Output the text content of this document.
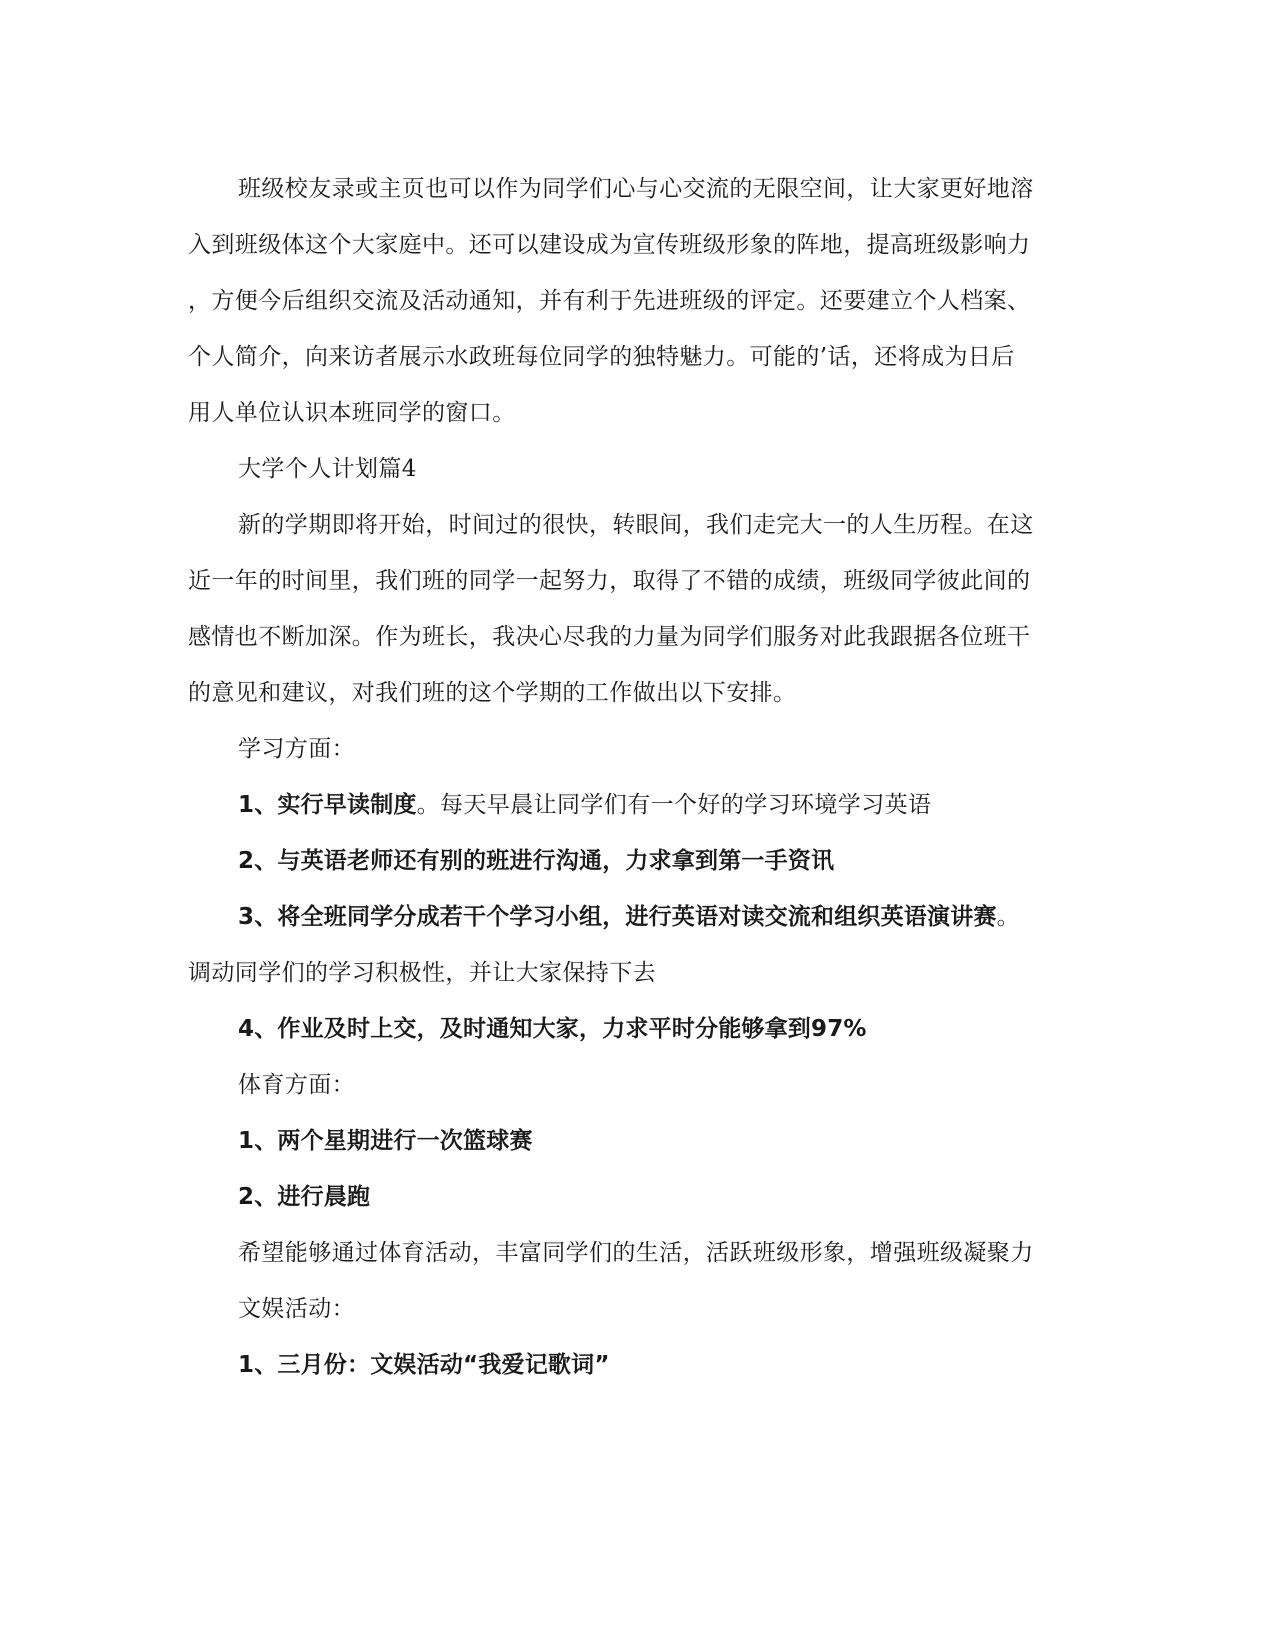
班级校友录或主页也可以作为同学们心与心交流的无限空间，让大家更好地溶
入到班级体这个大家庭中。还可以建设成为宣传班级形象的阵地，提高班级影响力
，方便今后组织交流及活动通知，并有利于先进班级的评定。还要建立个人档案、
个人简介，向来访者展示水政班每位同学的独特魅力。可能的’话，还将成为日后
用人单位认识本班同学的窗口。
大学个人计划篇4
新的学期即将开始，时间过的很快，转眼间，我们走完大一的人生历程。在这
近一年的时间里，我们班的同学一起努力，取得了不错的成绩，班级同学彼此间的
感情也不断加深。作为班长，我决心尽我的力量为同学们服务对此我跟据各位班干
的意见和建议，对我们班的这个学期的工作做出以下安排。
学习方面：
1、实行早读制度。每天早晨让同学们有一个好的学习环境学习英语
2、与英语老师还有别的班进行沟通，力求拿到第一手资讯
3、将全班同学分成若干个学习小组，进行英语对读交流和组织英语演讲赛。
调动同学们的学习积极性，并让大家保持下去
4、作业及时上交，及时通知大家，力求平时分能够拿到97%
体育方面：
1、两个星期进行一次篮球赛
2、进行晨跑
希望能够通过体育活动，丰富同学们的生活，活跃班级形象，增强班级凝聚力
文娱活动：
1、三月份：文娱活动“我爱记歌词”
